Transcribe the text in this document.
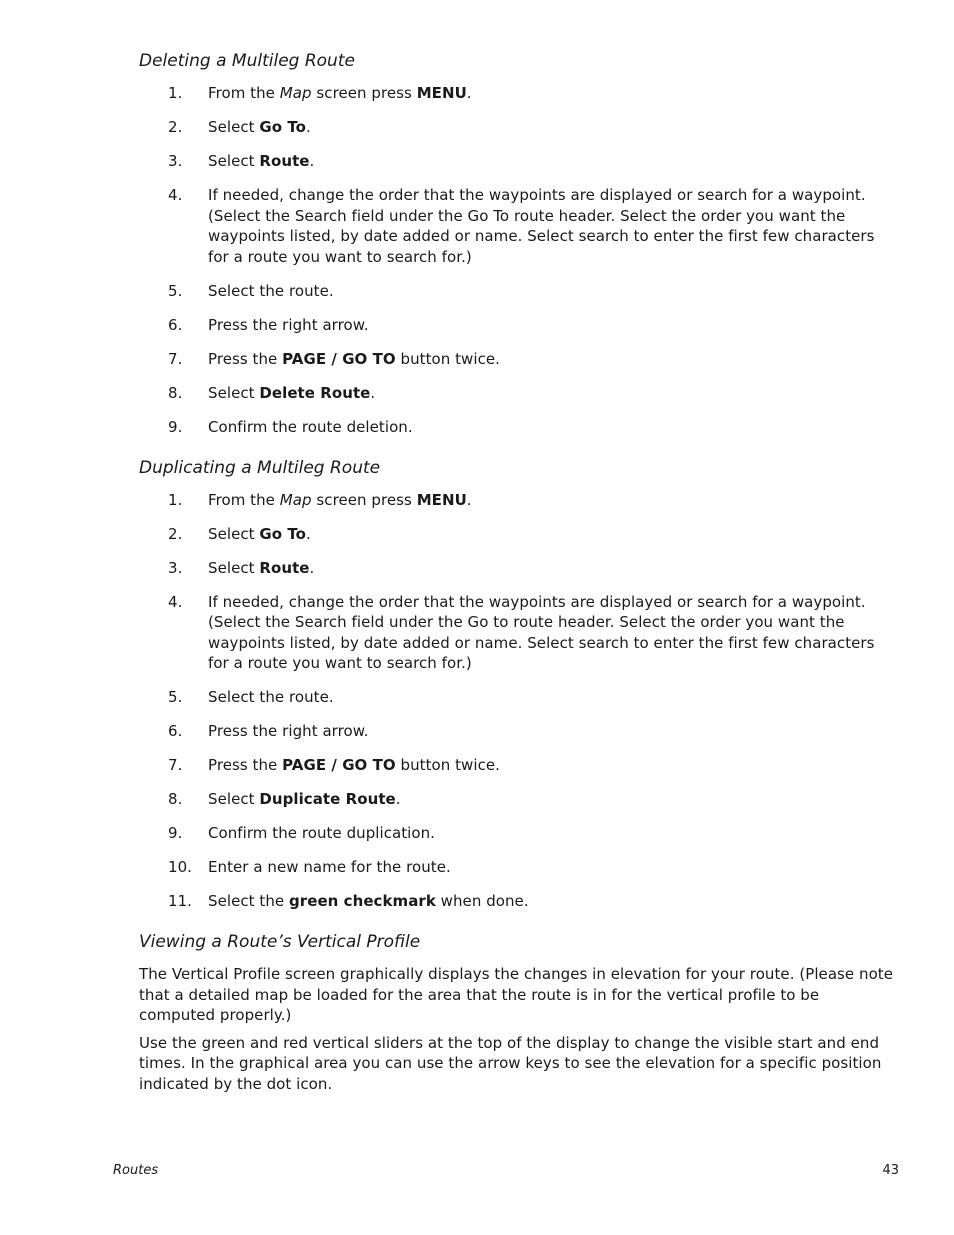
Deleting a Multileg Route
1. From the Map screen press MENU.
2. Select Go To.
3. Select Route.
4. If needed, change the order that the waypoints are displayed or search for a waypoint. (Select the Search field under the Go To route header. Select the order you want the waypoints listed, by date added or name. Select search to enter the first few characters for a route you want to search for.)
5. Select the route.
6. Press the right arrow.
7. Press the PAGE / GO TO button twice.
8. Select Delete Route.
9. Confirm the route deletion.
Duplicating a Multileg Route
1. From the Map screen press MENU.
2. Select Go To.
3. Select Route.
4. If needed, change the order that the waypoints are displayed or search for a waypoint. (Select the Search field under the Go to route header. Select the order you want the waypoints listed, by date added or name. Select search to enter the first few characters for a route you want to search for.)
5. Select the route.
6. Press the right arrow.
7. Press the PAGE / GO TO button twice.
8. Select Duplicate Route.
9. Confirm the route duplication.
10. Enter a new name for the route.
11. Select the green checkmark when done.
Viewing a Route’s Vertical Profile

The Vertical Profile screen graphically displays the changes in elevation for your route. (Please note that a detailed map be loaded for the area that the route is in for the vertical profile to be computed properly.)

Use the green and red vertical sliders at the top of the display to change the visible start and end times. In the graphical area you can use the arrow keys to see the elevation for a specific position indicated by the dot icon.

Routes	43
